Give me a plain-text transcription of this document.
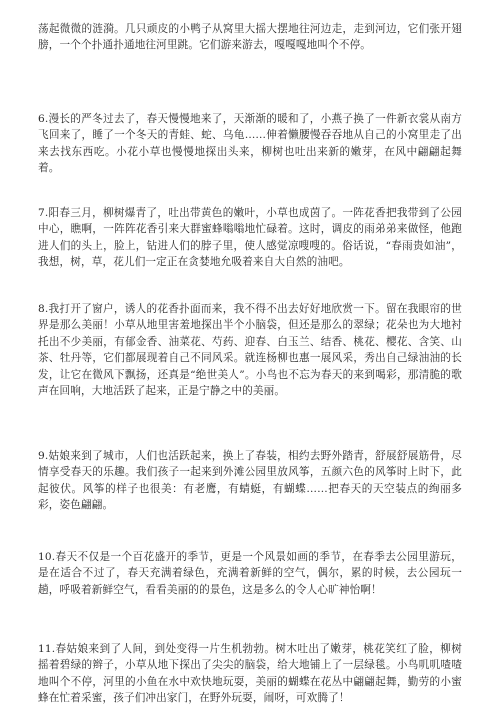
荡起微微的涟漪。几只顽皮的小鸭子从窝里大摇大摆地往河边走，走到河边，它们张开翅膀，一个个扑通扑通地往河里跳。它们游来游去，嘎嘎嘎地叫个不停。
6.漫长的严冬过去了，春天慢慢地来了，天渐渐的暖和了，小燕子换了一件新衣裳从南方飞回来了，睡了一个冬天的青蛙、蛇、乌龟……伸着懒腰慢吞吞地从自己的小窝里走了出来去找东西吃。小花小草也慢慢地探出头来，柳树也吐出来新的嫩芽，在风中翩翩起舞着。
7.阳春三月，柳树爆青了，吐出带黄色的嫩叶，小草也成茵了。一阵花香把我带到了公园中心，瞧啊，一阵阵花香引来大群蜜蜂嗡嗡地忙碌着。这时，调皮的雨弟弟来做怪，他跑进人们的头上，脸上，钻进人们的脖子里，使人感觉凉嗖嗖的。俗话说，“春雨贵如油”，我想，树，草，花儿们一定正在贪婪地允吸着来自大自然的油吧。
8.我打开了窗户，诱人的花香扑面而来，我不得不出去好好地欣赏一下。留在我眼帘的世界是那么美丽！小草从地里害羞地探出半个小脑袋，但还是那么的翠绿；花朵也为大地衬托出不少美丽，有郁金香、油菜花、芍药、迎春、白玉兰、结香、桃花、樱花、含笑、山茶、牡丹等，它们都展现着自己不同风采。就连杨柳也惠一展风采，秀出自己绿油油的长发，让它在微风下飘扬，还真是“绝世美人”。小鸟也不忘为春天的来到喝彩，那清脆的歌声在回响，大地活跃了起来，正是宁静之中的美丽。
9.姑娘来到了城市，人们也活跃起来，换上了春装，相约去野外踏青，舒展舒展筋骨，尽情享受春天的乐趣。我们孩子一起来到外滩公园里放风筝，五颜六色的风筝时上时下，此起彼伏。风筝的样子也很美：有老鹰，有蜻蜓，有蝴蝶……把春天的天空装点的绚丽多彩，姿色翩翩。
10.春天不仅是一个百花盛开的季节，更是一个风景如画的季节，在春季去公园里游玩，是在适合不过了，春天充满着绿色，充满着新鲜的空气，偶尔，累的时候，去公园玩一趟，呼吸着新鲜空气，看看美丽的的景色，这是多么的令人心旷神怡啊！
11.春姑娘来到了人间，到处变得一片生机勃勃。树木吐出了嫩芽，桃花笑红了脸，柳树摇着碧绿的辫子，小草从地下探出了尖尖的脑袋，给大地铺上了一层绿毯。小鸟叽叽喳喳地叫个不停，河里的小鱼在水中欢快地玩耍，美丽的蝴蝶在花丛中翩翩起舞，勤劳的小蜜蜂在忙着采蜜，孩子们冲出家门，在野外玩耍，闹呀，可欢腾了！
